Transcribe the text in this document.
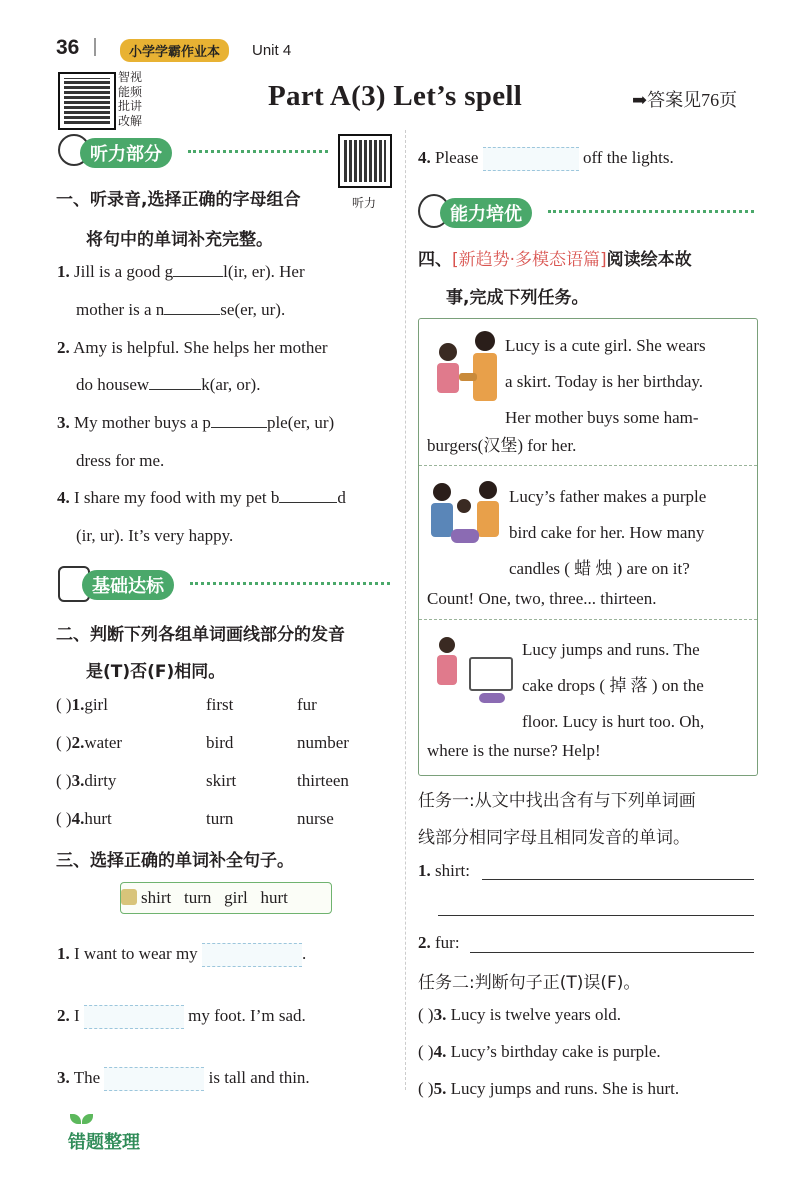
36	小学学霸作业本	Unit 4
智视能频批讲改解
Part A(3) Let’s spell	➡答案见76页
听力部分
听力
一、听录音,选择正确的字母组合
将句中的单词补充完整。
1. Jill is a good g	l(ir, er). Her
mother is a n	se(er, ur).
2. Amy is helpful. She helps her mother
do housew	k(ar, or).
3. My mother buys a p	ple(er, ur)
dress for me.
4. I share my food with my pet b	d
(ir, ur). It’s very happy.
基础达标
二、判断下列各组单词画线部分的发音
是(T)否(F)相同。
( )1.girl	first	fur
( )2.water	bird	number
( )3.dirty	skirt	thirteen
( )4.hurt	turn	nurse
三、选择正确的单词补全句子。
shirt   turn   girl   hurt
1. I want to wear my	.
2. I	my foot. I’m sad.
3. The	is tall and thin.
4. Please	off the lights.
能力培优
四、[新趋势·多模态语篇]阅读绘本故
事,完成下列任务。
Lucy is a cute girl. She wears
a skirt. Today is her birthday.
Her mother buys some ham-
burgers(汉堡) for her.
Lucy’s father makes a purple
bird cake for her. How many
candles ( 蜡 烛 ) are on it?
Count! One, two, three... thirteen.
Lucy jumps and runs. The
cake drops ( 掉 落 ) on the
floor. Lucy is hurt too. Oh,
where is the nurse? Help!
任务一:从文中找出含有与下列单词画
线部分相同字母且相同发音的单词。
1. shirt:
2. fur:
任务二:判断句子正(T)误(F)。
( )3. Lucy is twelve years old.
( )4. Lucy’s birthday cake is purple.
( )5. Lucy jumps and runs. She is hurt.
错题整理
